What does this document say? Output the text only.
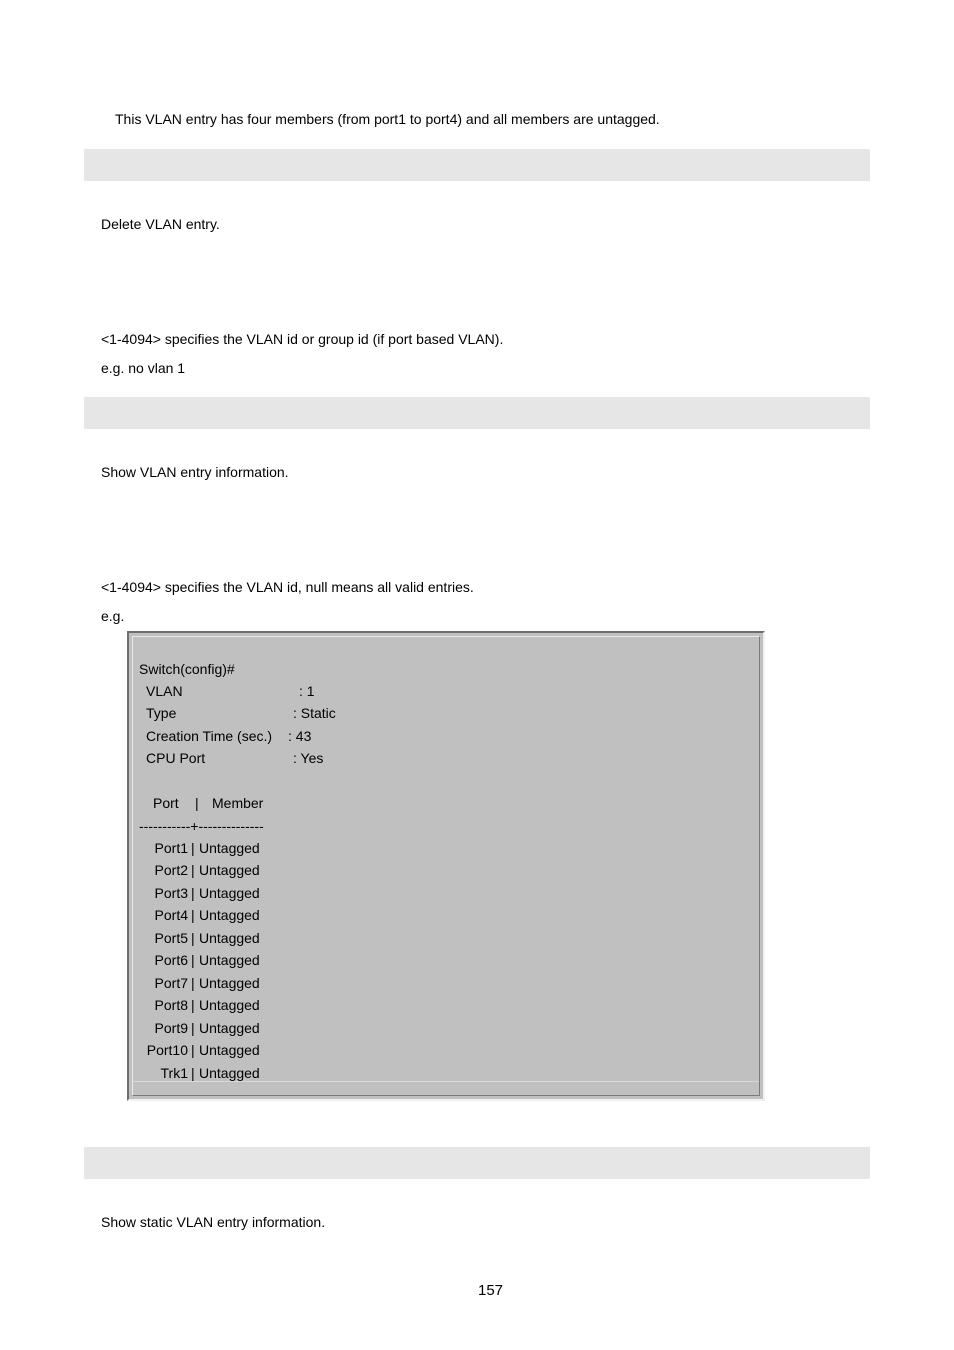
This VLAN entry has four members (from port1 to port4) and all members are untagged.
Delete VLAN entry.
<1-4094> specifies the VLAN id or group id (if port based VLAN).
e.g. no vlan 1
Show VLAN entry information.
<1-4094> specifies the VLAN id, null means all valid entries.
e.g.
Switch(config)#
VLAN	: 1
Type	: Static
Creation Time (sec.) : 43
CPU Port	: Yes
Port | Member
-----------+--------------
Port1 | Untagged
Port2 | Untagged
Port3 | Untagged
Port4 | Untagged
Port5 | Untagged
Port6 | Untagged
Port7 | Untagged
Port8 | Untagged
Port9 | Untagged
Port10 | Untagged
Trk1 | Untagged
Show static VLAN entry information.
157
